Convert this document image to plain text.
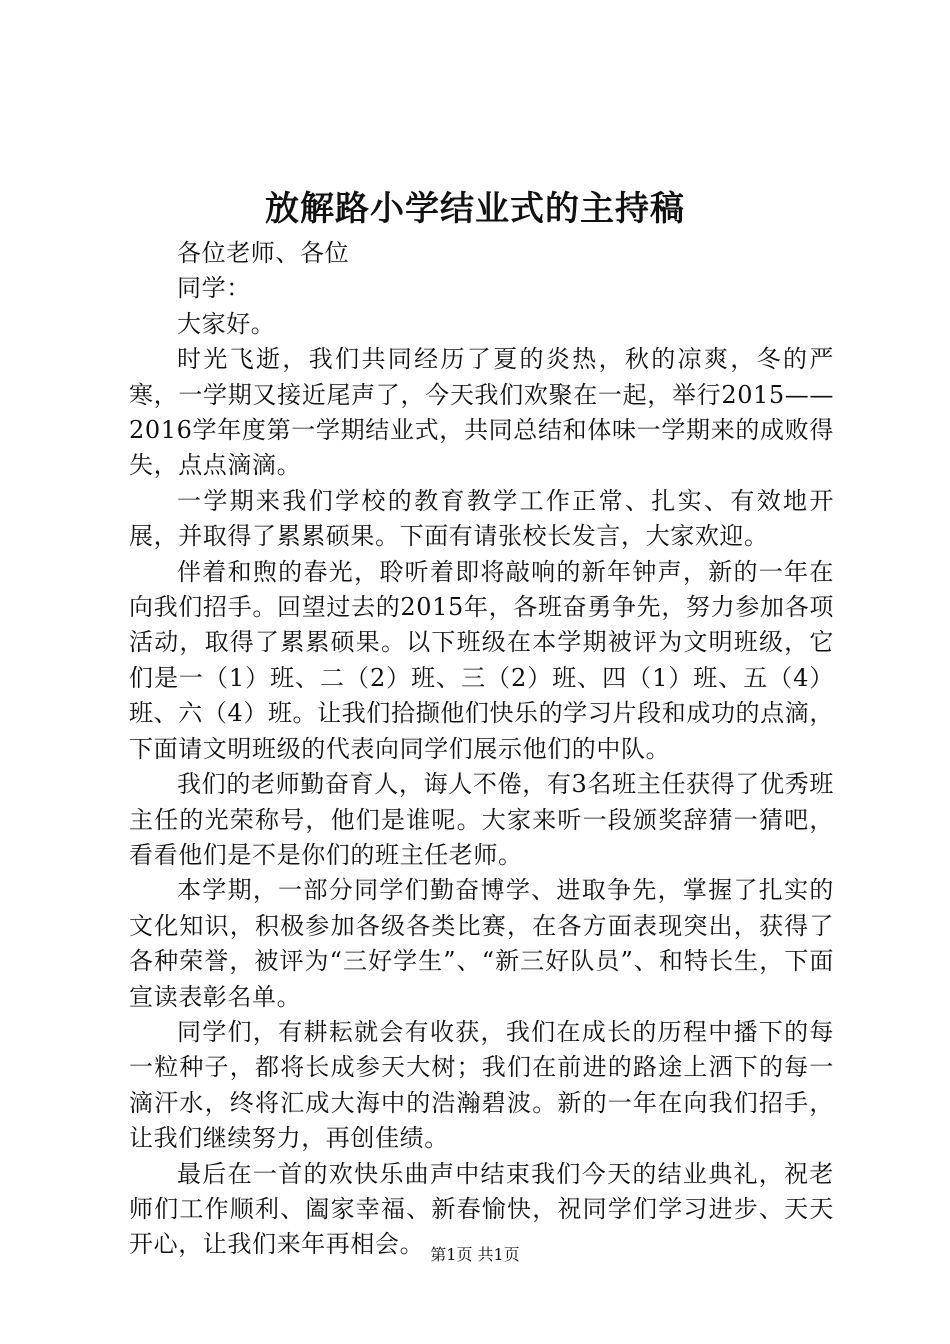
放解路小学结业式的主持稿

各位老师、各位

同学：

大家好。

时光飞逝，我们共同经历了夏的炎热，秋的凉爽，冬的严寒，一学期又接近尾声了，今天我们欢聚在一起，举行2015——2016学年度第一学期结业式，共同总结和体味一学期来的成败得失，点点滴滴。

一学期来我们学校的教育教学工作正常、扎实、有效地开展，并取得了累累硕果。下面有请张校长发言，大家欢迎。

伴着和煦的春光，聆听着即将敲响的新年钟声，新的一年在向我们招手。回望过去的2015年，各班奋勇争先，努力参加各项活动，取得了累累硕果。以下班级在本学期被评为文明班级，它们是一（1）班、二（2）班、三（2）班、四（1）班、五（4）班、六（4）班。让我们拾撷他们快乐的学习片段和成功的点滴，下面请文明班级的代表向同学们展示他们的中队。

我们的老师勤奋育人，诲人不倦，有3名班主任获得了优秀班主任的光荣称号，他们是谁呢。大家来听一段颁奖辞猜一猜吧，看看他们是不是你们的班主任老师。

本学期，一部分同学们勤奋博学、进取争先，掌握了扎实的文化知识，积极参加各级各类比赛，在各方面表现突出，获得了各种荣誉，被评为“三好学生”、“新三好队员”、和特长生，下面宣读表彰名单。

同学们，有耕耘就会有收获，我们在成长的历程中播下的每一粒种子，都将长成参天大树；我们在前进的路途上洒下的每一滴汗水，终将汇成大海中的浩瀚碧波。新的一年在向我们招手，让我们继续努力，再创佳绩。

最后在一首的欢快乐曲声中结束我们今天的结业典礼，祝老师们工作顺利、阖家幸福、新春愉快，祝同学们学习进步、天天开心，让我们来年再相会。 第1页 共1页
